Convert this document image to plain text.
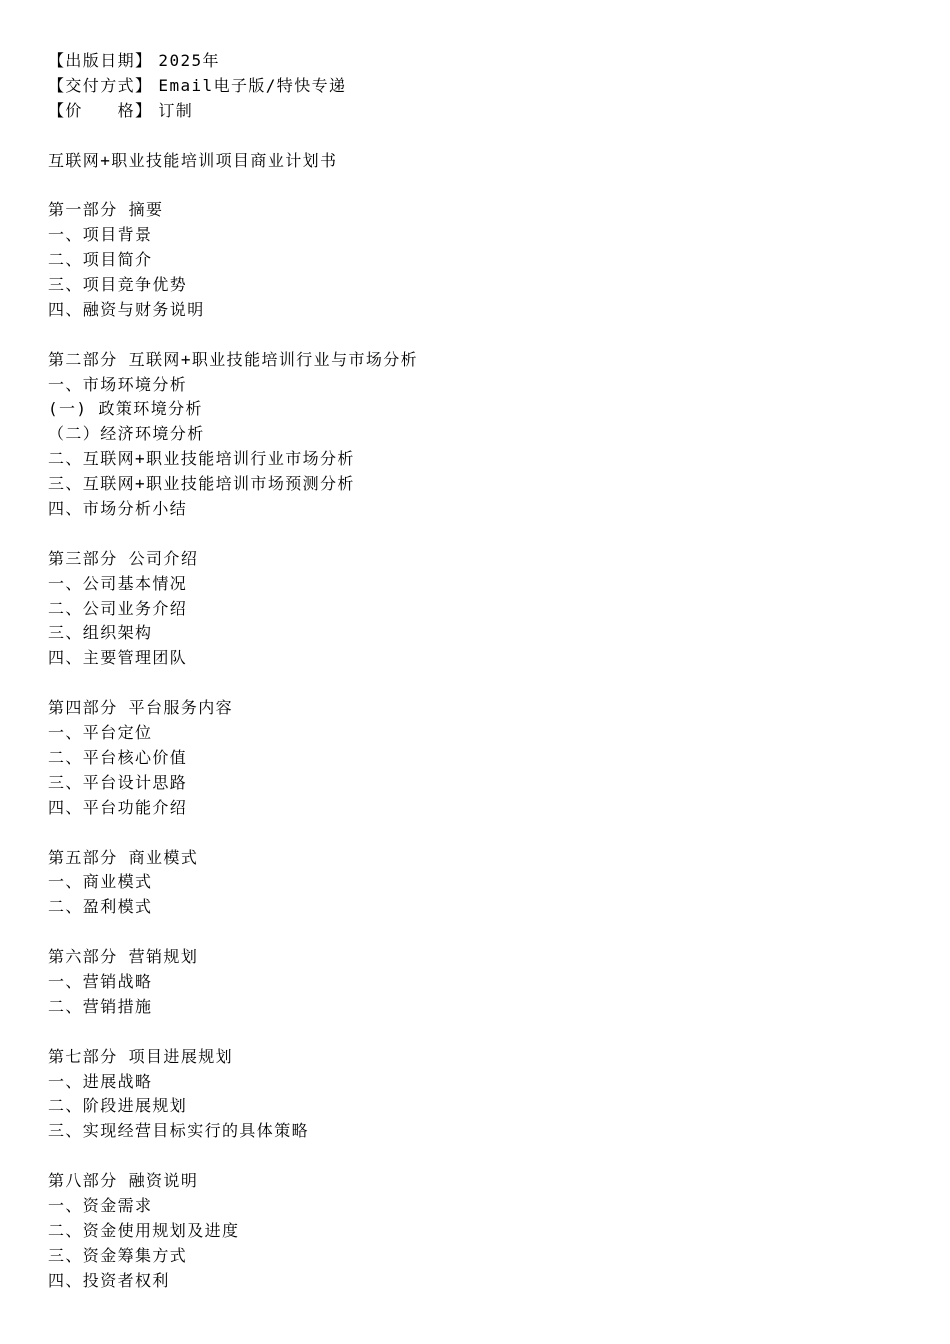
【出版日期】 2025年
【交付方式】 Email电子版/特快专递
【价　　格】 订制
互联网+职业技能培训项目商业计划书
第一部分 摘要
一、项目背景
二、项目简介
三、项目竞争优势
四、融资与财务说明
第二部分 互联网+职业技能培训行业与市场分析
一、市场环境分析
(一) 政策环境分析
（二）经济环境分析
二、互联网+职业技能培训行业市场分析
三、互联网+职业技能培训市场预测分析
四、市场分析小结
第三部分 公司介绍
一、公司基本情况
二、公司业务介绍
三、组织架构
四、主要管理团队
第四部分 平台服务内容
一、平台定位
二、平台核心价值
三、平台设计思路
四、平台功能介绍
第五部分 商业模式
一、商业模式
二、盈利模式
第六部分 营销规划
一、营销战略
二、营销措施
第七部分 项目进展规划
一、进展战略
二、阶段进展规划
三、实现经营目标实行的具体策略
第八部分 融资说明
一、资金需求
二、资金使用规划及进度
三、资金筹集方式
四、投资者权利
